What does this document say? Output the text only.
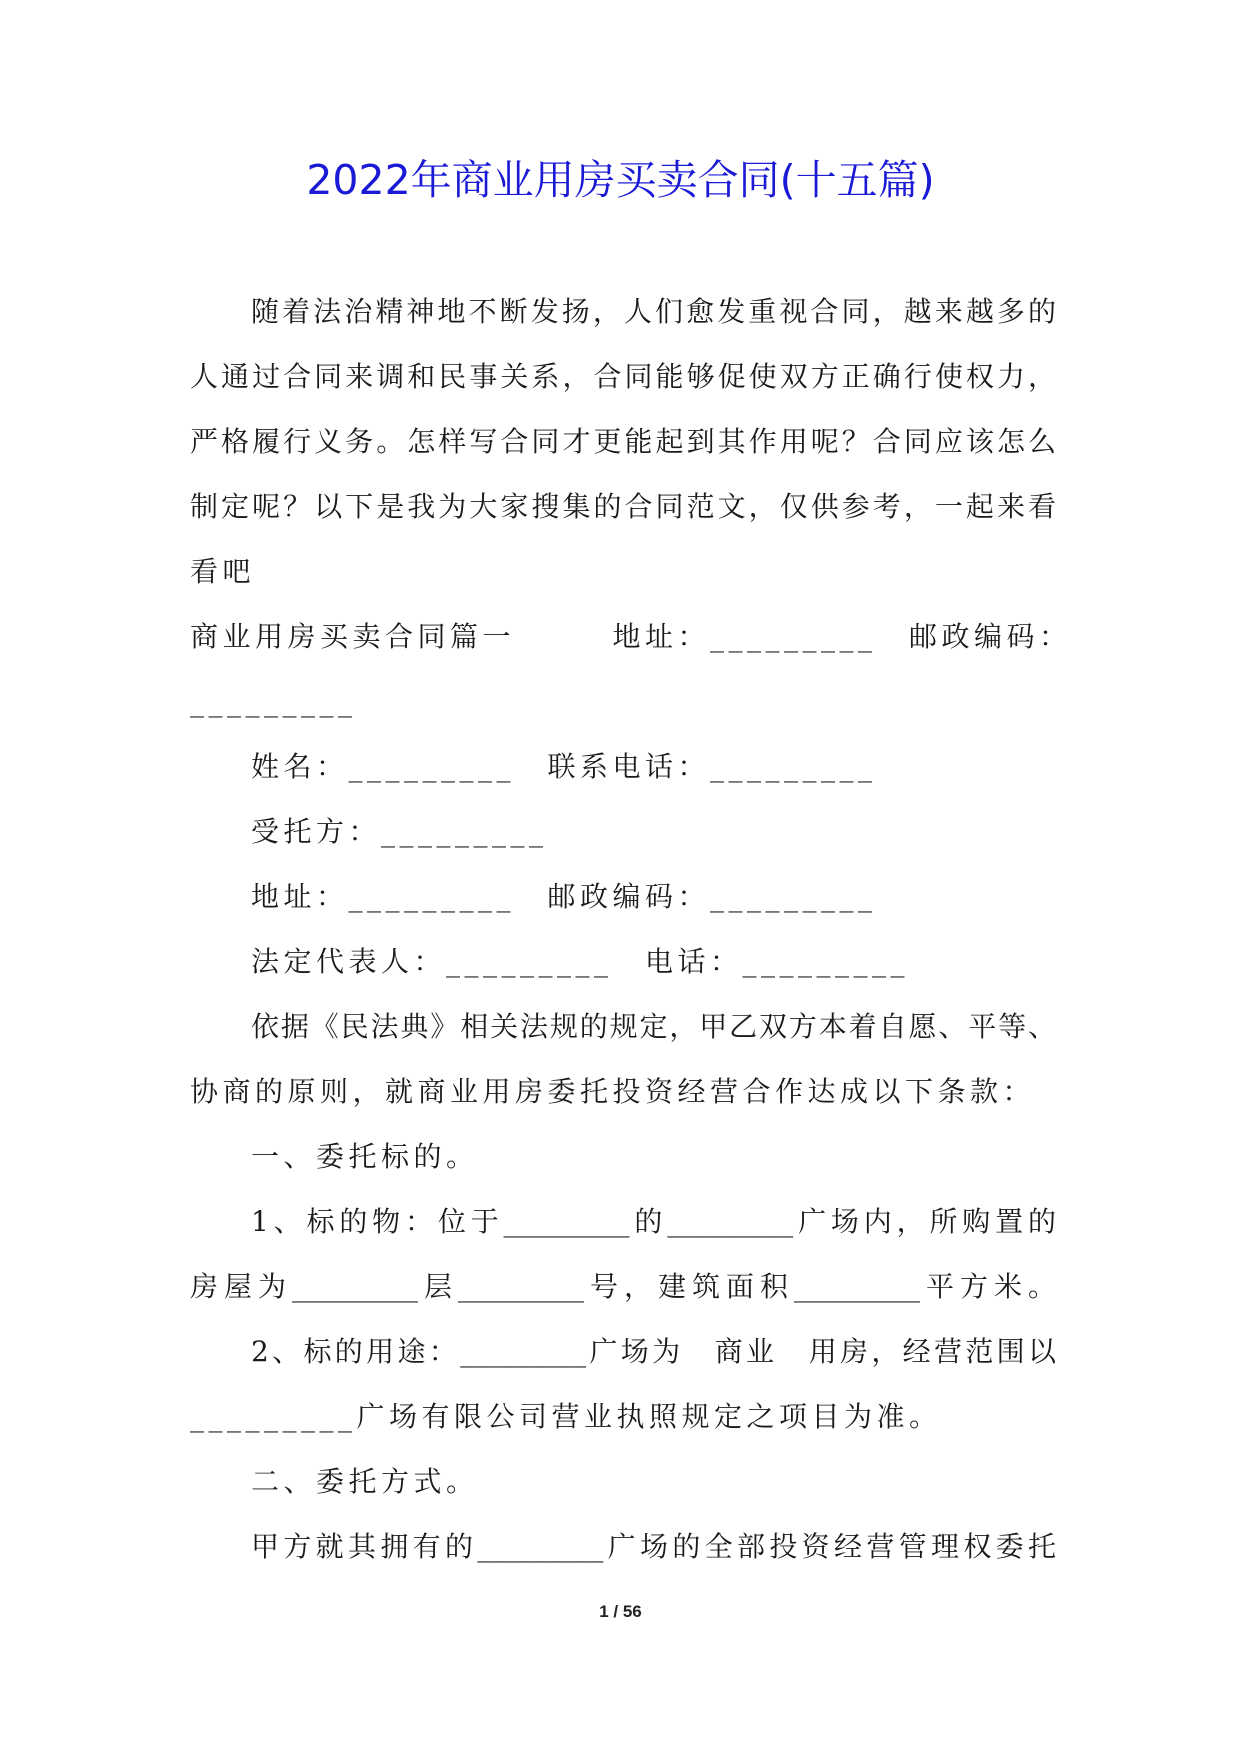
2022年商业用房买卖合同(十五篇)
随着法治精神地不断发扬，人们愈发重视合同，越来越多的
人通过合同来调和民事关系，合同能够促使双方正确行使权力，
严格履行义务。怎样写合同才更能起到其作用呢？合同应该怎么
制定呢？以下是我为大家搜集的合同范文，仅供参考，一起来看
看吧
商业用房买卖合同篇一　　　地址：_________　邮政编码：
_________
姓名：_________　联系电话：_________
受托方：_________
地址：_________　邮政编码：_________
法定代表人：_________　电话：_________
依据《民法典》相关法规的规定，甲乙双方本着自愿、平等、
协商的原则，就商业用房委托投资经营合作达成以下条款：
一、委托标的。
1、标的物：位于_________的_________广场内，所购置的
房屋为_________层_________号，建筑面积_________平方米。
2、标的用途：_________广场为　商业　用房，经营范围以
_________广场有限公司营业执照规定之项目为准。
二、委托方式。
甲方就其拥有的_________广场的全部投资经营管理权委托
1 / 56
